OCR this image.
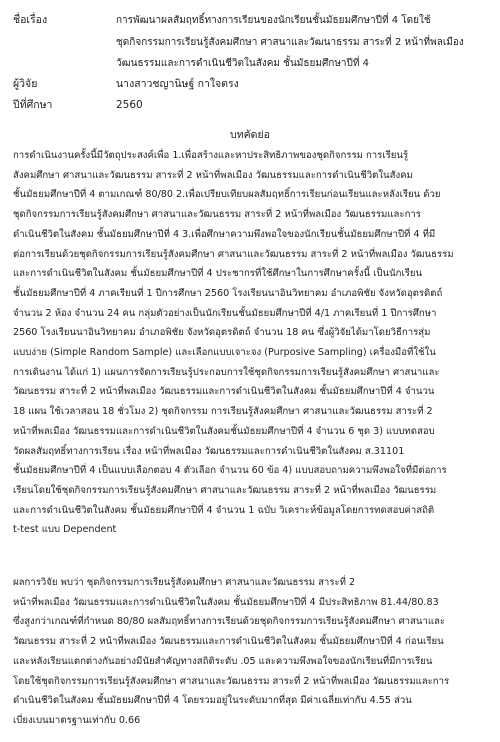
ชื่อเรื่อง	การพัฒนาผลสัมฤทธิ์ทางการเรียนของนักเรียนชั้นมัธยมศึกษาปีที่ 4 โดยใช้
ชุดกิจกรรมการเรียนรู้สังคมศึกษา ศาสนาและวัฒนาธรรม สาระที่ 2 หน้าที่พลเมือง
วัฒนธรรมและการดำเนินชีวิตในสังคม ชั้นมัธยมศึกษาปีที่ 4
ผู้วิจัย	นางสาวชญานิษฐ์ กาใจตรง
ปีที่ศึกษา	2560
บทคัดย่อ
การดำเนินงานครั้งนี้มีวัตถุประสงค์เพื่อ 1.เพื่อสร้างและหาประสิทธิภาพของชุดกิจกรรม การเรียนรู้
สังคมศึกษา ศาสนาและวัฒนธรรม สาระที่ 2 หน้าที่พลเมือง วัฒนธรรมและการดำเนินชีวิตในสังคม
ชั้นมัธยมศึกษาปีที่ 4 ตามเกณฑ์ 80/80 2.เพื่อเปรียบเทียบผลสัมฤทธิ์การเรียนก่อนเรียนและหลังเรียน ด้วย
ชุดกิจกรรมการเรียนรู้สังคมศึกษา ศาสนาและวัฒนธรรม สาระที่ 2 หน้าที่พลเมือง วัฒนธรรมและการ
ดำเนินชีวิตในสังคม ชั้นมัธยมศึกษาปีที่ 4 3.เพื่อศึกษาความพึงพอใจของนักเรียนชั้นมัธยมศึกษาปีที่ 4 ที่มี
ต่อการเรียนด้วยชุดกิจกรรมการเรียนรู้สังคมศึกษา ศาสนาและวัฒนธรรม สาระที่ 2 หน้าที่พลเมือง วัฒนธรรม
และการดำเนินชีวิตในสังคม ชั้นมัธยมศึกษาปีที่ 4 ประชากรที่ใช้ศึกษาในการศึกษาครั้งนี้ เป็นนักเรียน
ชั้นมัธยมศึกษาปีที่ 4 ภาคเรียนที่ 1 ปีการศึกษา 2560 โรงเรียนนาอินวิทยาคม อำเภอพิชัย จังหวัดอุตรดิตถ์
จำนวน 2 ห้อง จำนวน 24 คน กลุ่มตัวอย่างเป็นนักเรียนชั้นมัธยมศึกษาปีที่ 4/1 ภาคเรียนที่ 1 ปีการศึกษา
2560 โรงเรียนนาอินวิทยาคม อำเภอพิชัย จังหวัดอุตรดิตถ์ จำนวน 18 คน ซึ่งผู้วิจัยได้มาโดยวิธีการสุ่ม
แบบง่าย (Simple Random Sample) และเลือกแบบเจาะจง (Purposive Sampling) เครื่องมือที่ใช้ใน
การเดินงาน ได้แก่ 1) แผนการจัดการเรียนรู้ประกอบการใช้ชุดกิจกรรมการเรียนรู้สังคมศึกษา ศาสนาและ
วัฒนธรรม สาระที่ 2 หน้าที่พลเมือง วัฒนธรรมและการดำเนินชีวิตในสังคม ชั้นมัธยมศึกษาปีที่ 4 จำนวน
18 แผน ใช้เวลาสอน 18 ชั่วโมง 2) ชุดกิจกรรม การเรียนรู้สังคมศึกษา ศาสนาและวัฒนธรรม สาระที่ 2
หน้าที่พลเมือง วัฒนธรรมและการดำเนินชีวิตในสังคมชั้นมัธยมศึกษาปีที่ 4 จำนวน 6 ชุด 3) แบบทดสอบ
วัดผลสัมฤทธิ์ทางการเรียน เรื่อง หน้าที่พลเมือง วัฒนธรรมและการดำเนินชีวิตในสังคม ส.31101
ชั้นมัธยมศึกษาปีที่ 4 เป็นแบบเลือกตอบ 4 ตัวเลือก จำนวน 60 ข้อ 4) แบบสอบถามความพึงพอใจที่มีต่อการ
เรียนโดยใช้ชุดกิจกรรมการเรียนรู้สังคมศึกษา ศาสนาและวัฒนธรรม สาระที่ 2 หน้าที่พลเมือง วัฒนธรรม
และการดำเนินชีวิตในสังคม ชั้นมัธยมศึกษาปีที่ 4 จำนวน 1 ฉบับ วิเคราะห์ข้อมูลโดยการทดสอบค่าสถิติ
t-test แบบ Dependent
ผลการวิจัย พบว่า ชุดกิจกรรมการเรียนรู้สังคมศึกษา ศาสนาและวัฒนธรรม สาระที่ 2
หน้าที่พลเมือง วัฒนธรรมและการดำเนินชีวิตในสังคม ชั้นมัธยมศึกษาปีที่ 4 มีประสิทธิภาพ 81.44/80.83
ซึ่งสูงกว่าเกณฑ์ที่กำหนด 80/80 ผลสัมฤทธิ์ทางการเรียนด้วยชุดกิจกรรมการเรียนรู้สังคมศึกษา ศาสนาและ
วัฒนธรรม สาระที่ 2 หน้าที่พลเมือง วัฒนธรรมและการดำเนินชีวิตในสังคม ชั้นมัธยมศึกษาปีที่ 4 ก่อนเรียน
และหลังเรียนแตกต่างกันอย่างมีนัยสำคัญทางสถิติระดับ .05 และความพึงพอใจของนักเรียนที่มีการเรียน
โดยใช้ชุดกิจกรรมการเรียนรู้สังคมศึกษา ศาสนาและวัฒนธรรม สาระที่ 2 หน้าที่พลเมือง วัฒนธรรมและการ
ดำเนินชีวิตในสังคม ชั้นมัธยมศึกษาปีที่ 4 โดยรวมอยู่ในระดับมากที่สุด มีค่าเฉลี่ยเท่ากับ 4.55 ส่วน
เบี่ยงเบนมาตรฐานเท่ากับ 0.66
